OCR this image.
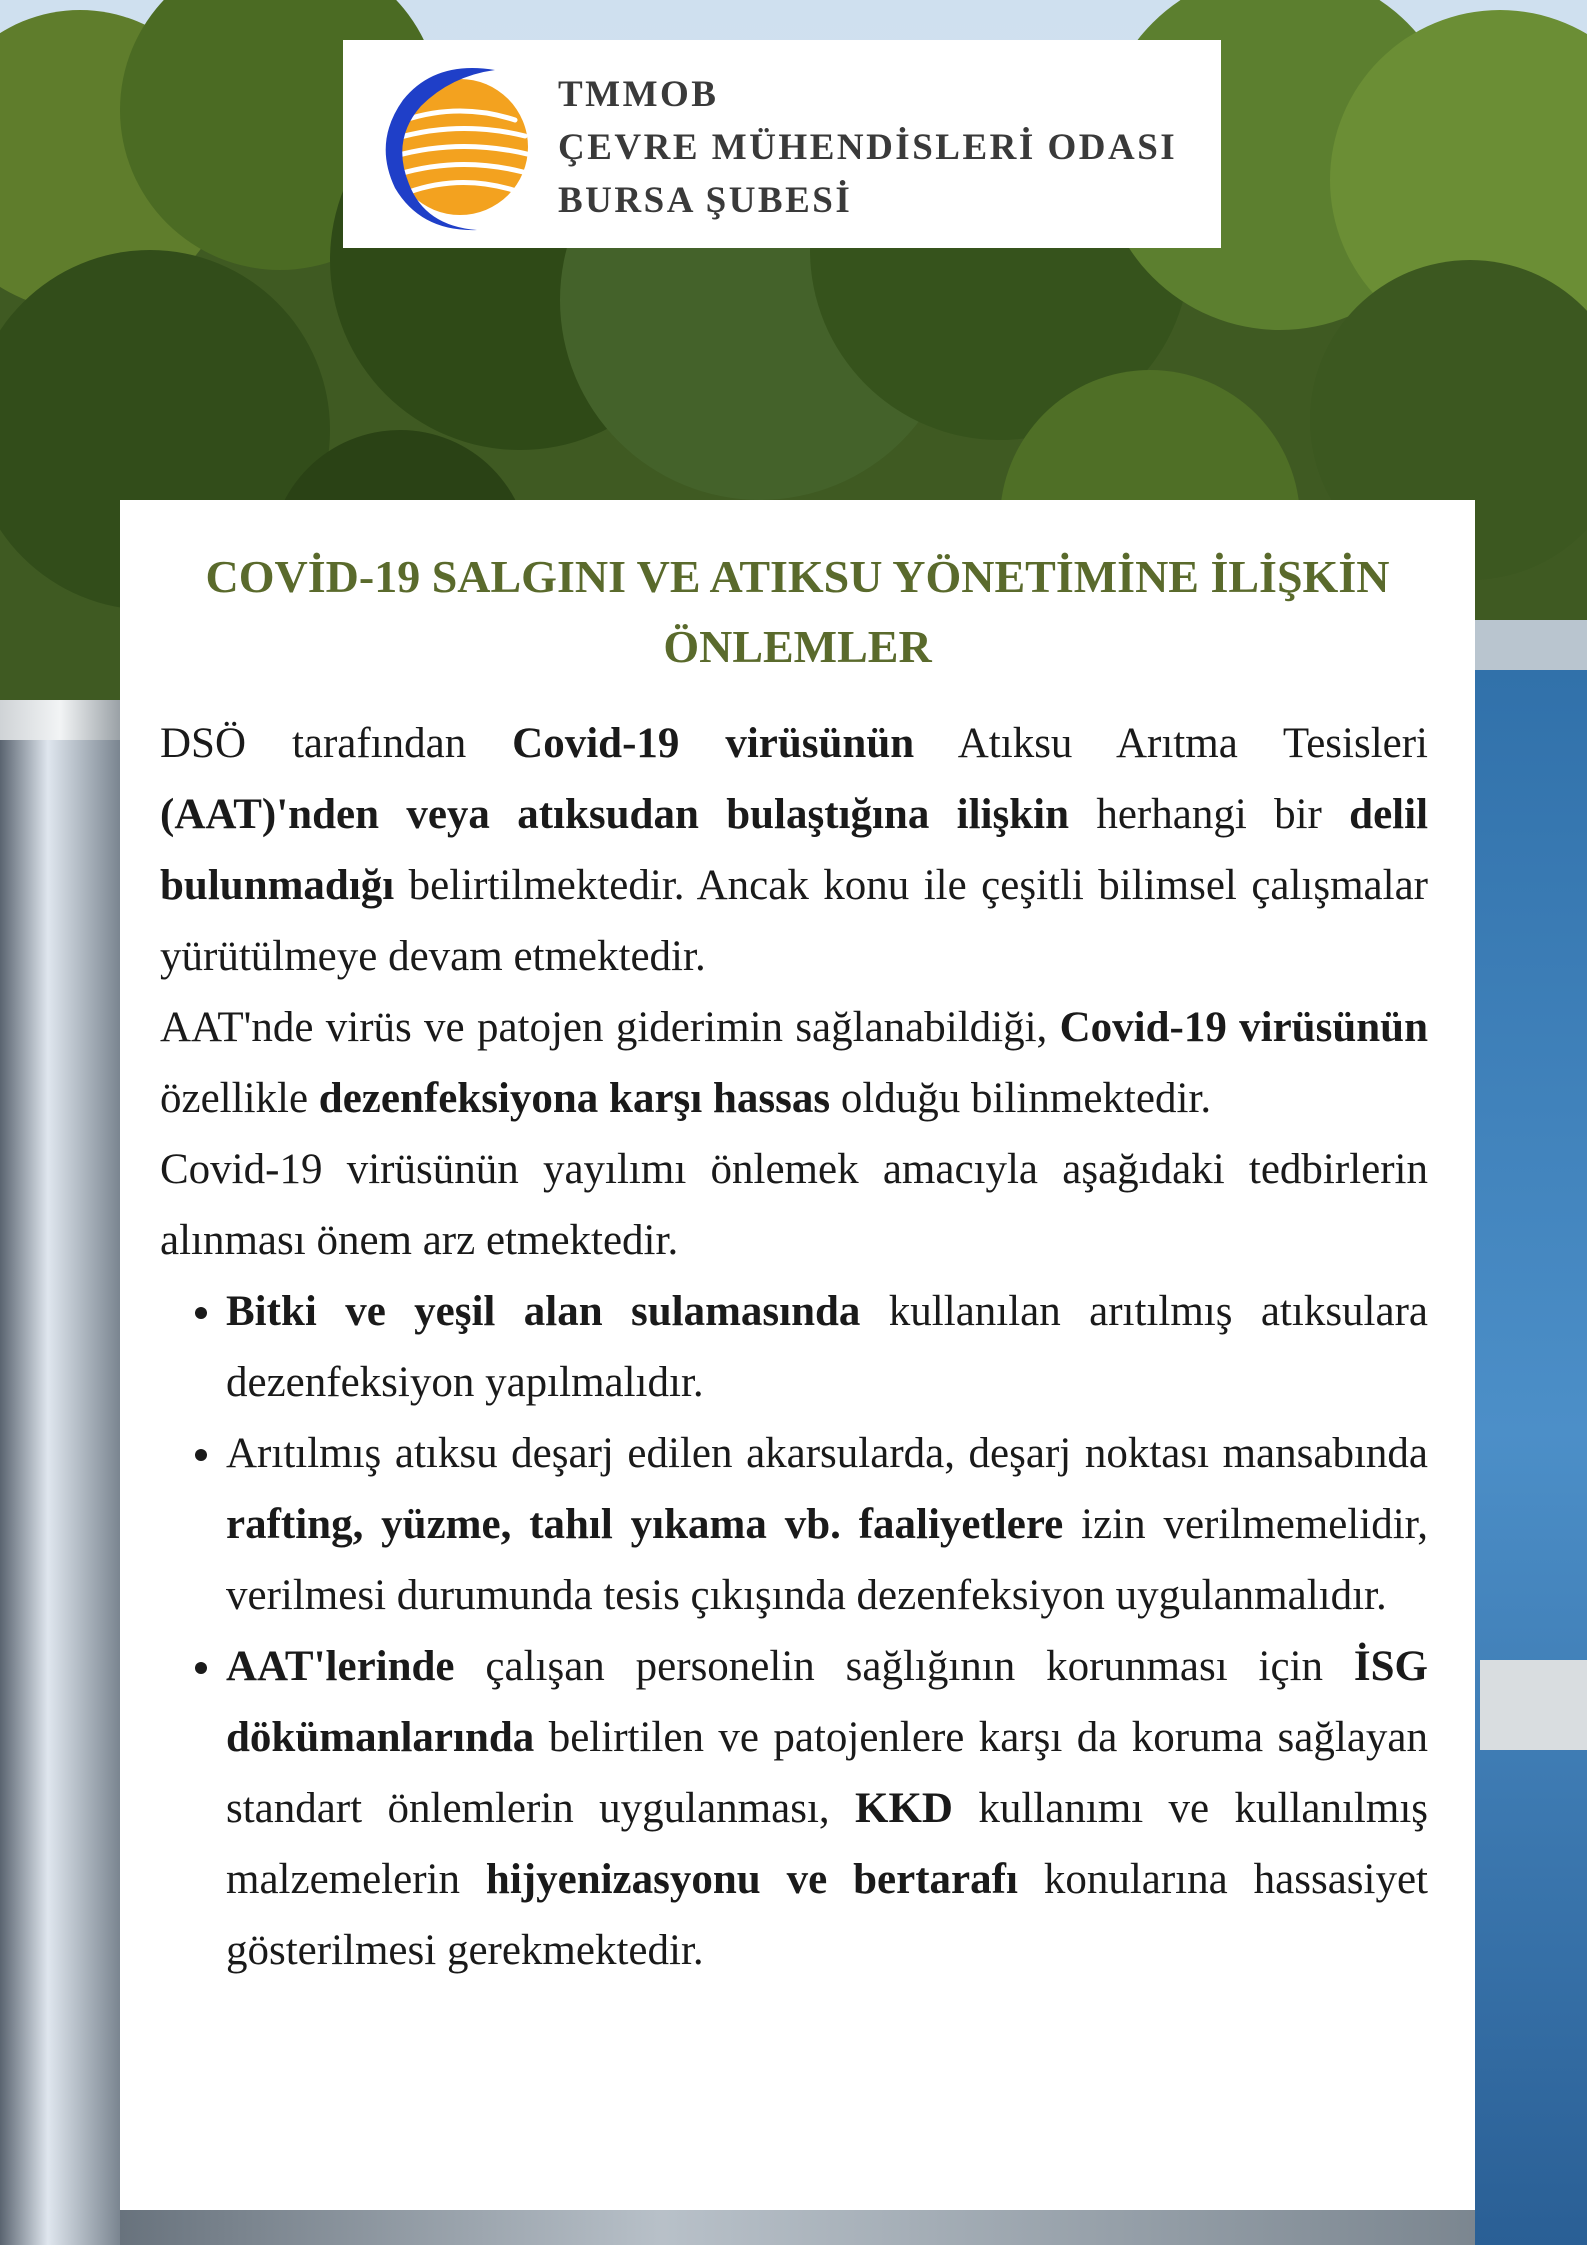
TMMOB
ÇEVRE MÜHENDİSLERİ ODASI
BURSA ŞUBESİ
COVİD-19 SALGINI VE ATIKSU YÖNETİMİNE İLİŞKİN
ÖNLEMLER

DSÖ tarafından Covid-19 virüsünün Atıksu Arıtma Tesisleri (AAT)'nden veya atıksudan bulaştığına ilişkin herhangi bir delil bulunmadığı belirtilmektedir. Ancak konu ile çeşitli bilimsel çalışmalar yürütülmeye devam etmektedir.

AAT'nde virüs ve patojen giderimin sağlanabildiği, Covid-19 virüsünün özellikle dezenfeksiyona karşı hassas olduğu bilinmektedir.

Covid-19 virüsünün yayılımı önlemek amacıyla aşağıdaki tedbirlerin alınması önem arz etmektedir.

• Bitki ve yeşil alan sulamasında kullanılan arıtılmış atıksulara dezenfeksiyon yapılmalıdır.
• Arıtılmış atıksu deşarj edilen akarsularda, deşarj noktası mansabında rafting, yüzme, tahıl yıkama vb. faaliyetlere izin verilmemelidir, verilmesi durumunda tesis çıkışında dezenfeksiyon uygulanmalıdır.
• AAT'lerinde çalışan personelin sağlığının korunması için İSG dökümanlarında belirtilen ve patojenlere karşı da koruma sağlayan standart önlemlerin uygulanması, KKD kullanımı ve kullanılmış malzemelerin hijyenizasyonu ve bertarafı konularına hassasiyet gösterilmesi gerekmektedir.
